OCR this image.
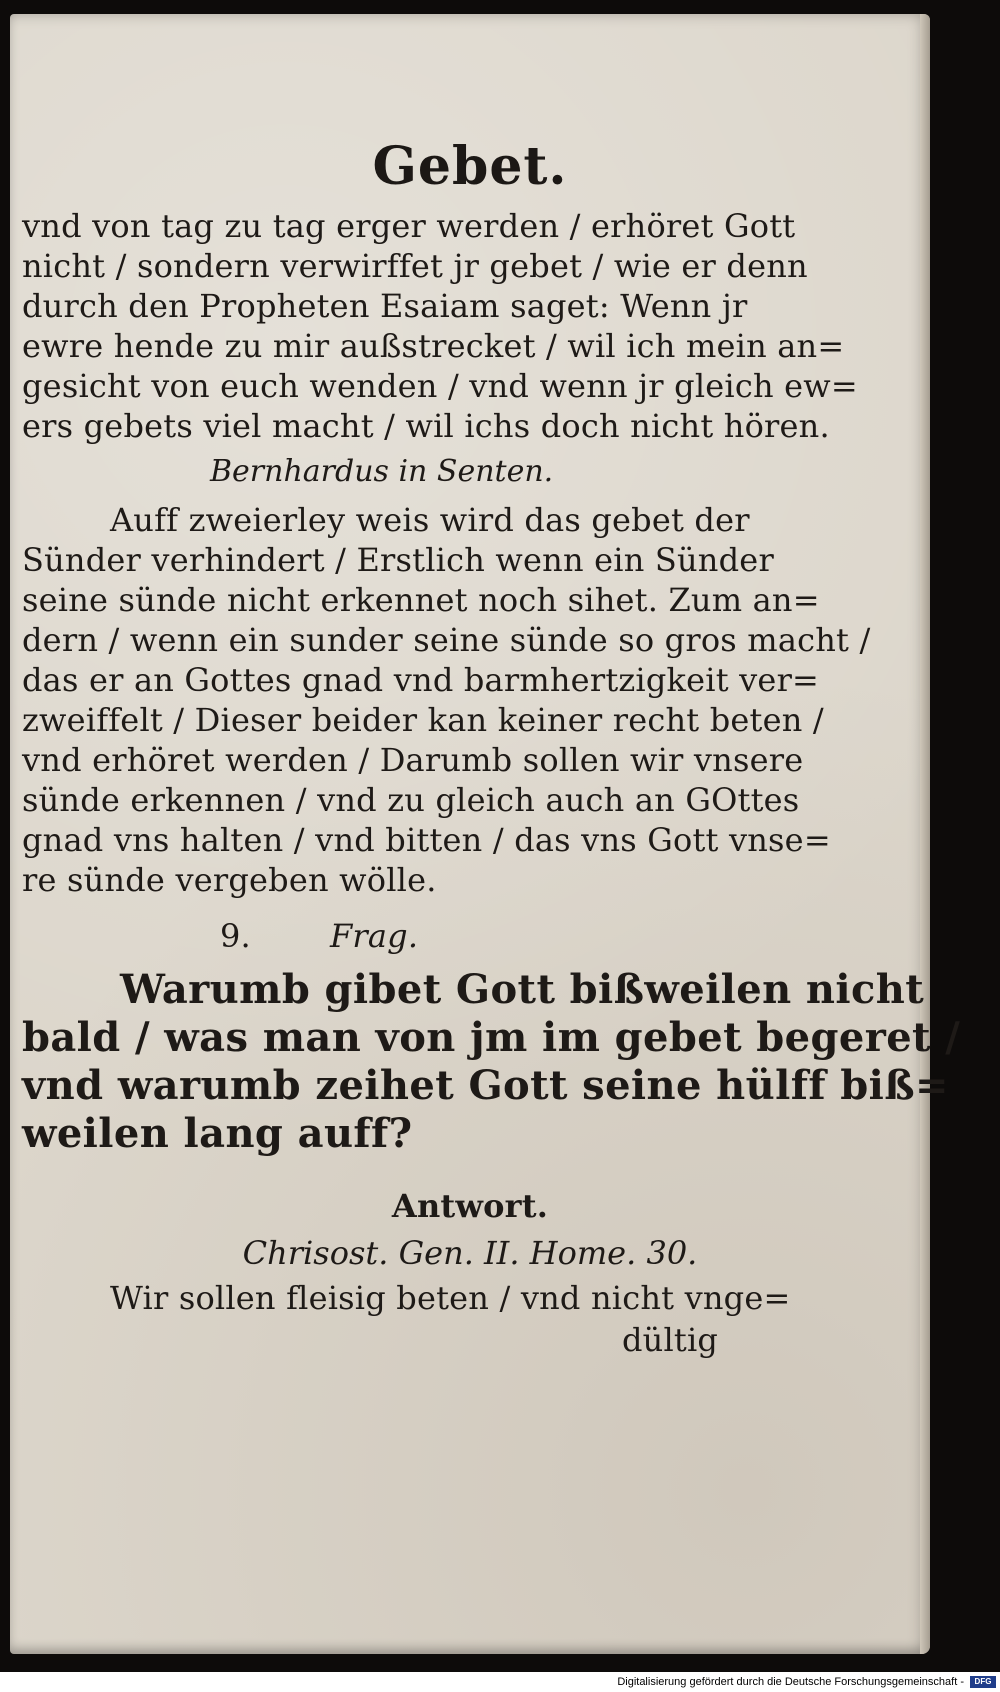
Gebet.
vnd von tag zu tag erger werden / erhöret Gott
nicht / sondern verwirffet jr gebet / wie er denn
durch den Propheten Esaiam saget: Wenn jr
ewre hende zu mir außstrecket / wil ich mein an=
gesicht von euch wenden / vnd wenn jr gleich ew=
ers gebets viel macht / wil ichs doch nicht hören.
Bernhardus in Senten.
Auff zweierley weis wird das gebet der
Sünder verhindert / Erstlich wenn ein Sünder
seine sünde nicht erkennet noch sihet. Zum an=
dern / wenn ein sunder seine sünde so gros macht /
das er an Gottes gnad vnd barmhertzigkeit ver=
zweiffelt / Dieser beider kan keiner recht beten /
vnd erhöret werden / Darumb sollen wir vnsere
sünde erkennen / vnd zu gleich auch an GOttes
gnad vns halten / vnd bitten / das vns Gott vnse=
re sünde vergeben wölle.
9. Frag.
Warumb gibet Gott bißweilen nicht
bald / was man von jm im gebet begeret /
vnd warumb zeihet Gott seine hülff biß=
weilen lang auff?
Antwort.
Chrisost. Gen. II. Home. 30.
Wir sollen fleisig beten / vnd nicht vnge=
dültig
Digitalisierung gefördert durch die Deutsche Forschungsgemeinschaft -	DFG
